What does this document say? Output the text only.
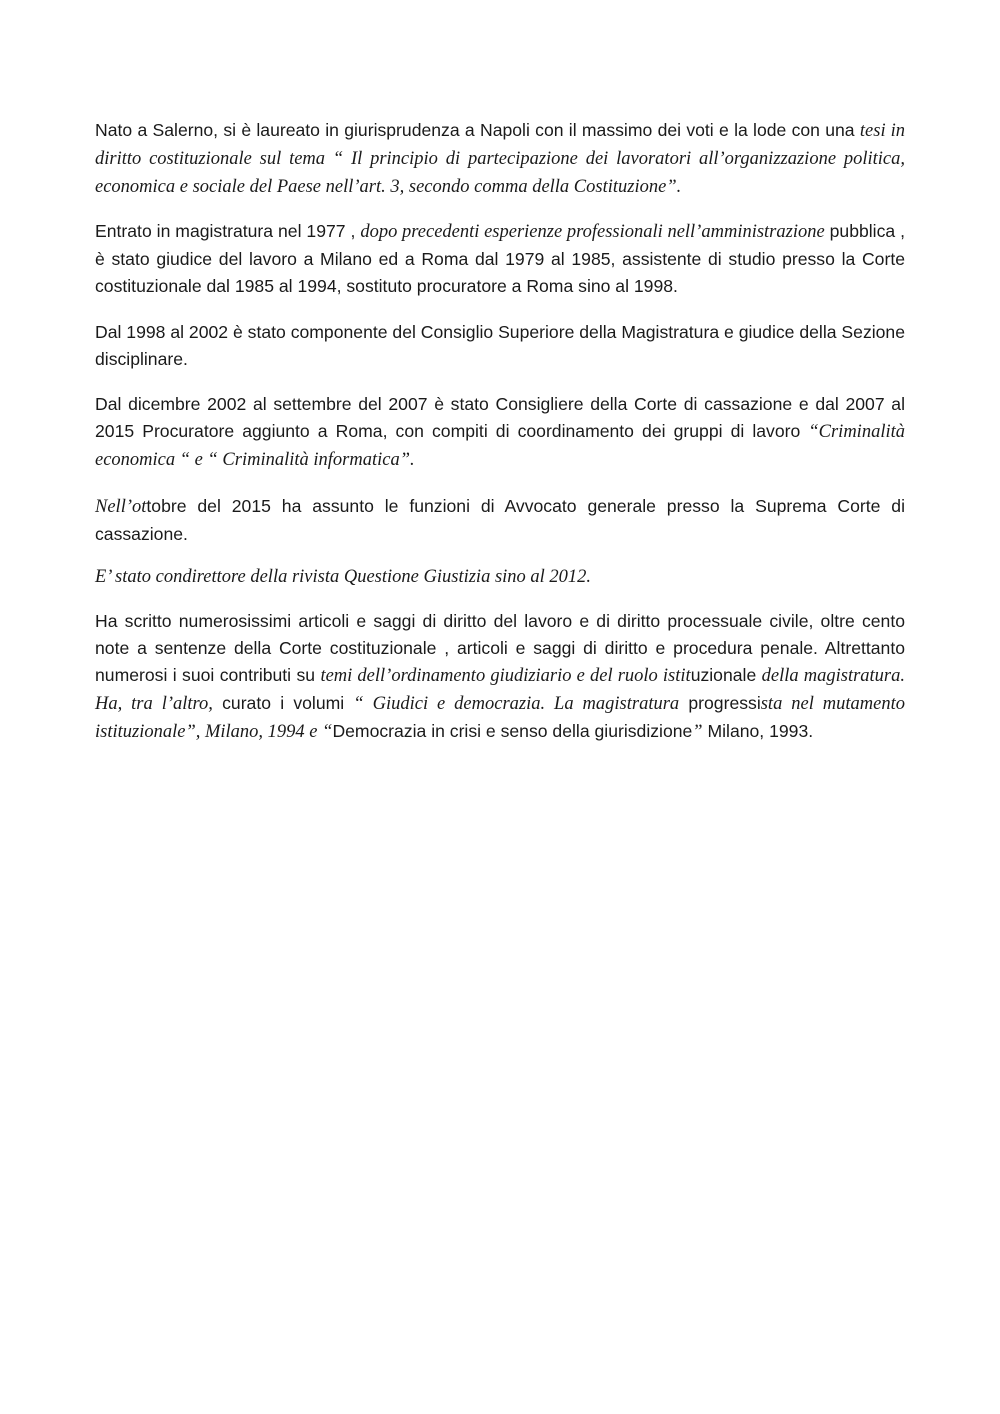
Nato a Salerno, si è laureato in giurisprudenza a Napoli con il massimo dei voti e la lode con una tesi in diritto costituzionale sul tema “ Il principio di partecipazione dei lavoratori all’organizzazione politica, economica e sociale del Paese nell’art. 3, secondo comma della Costituzione”.

Entrato in magistratura nel 1977 , dopo precedenti esperienze professionali nell’amministrazione pubblica , è stato giudice del lavoro a Milano ed a Roma dal 1979 al 1985, assistente di studio presso la Corte costituzionale dal 1985 al 1994, sostituto procuratore a Roma sino al 1998.

Dal 1998 al 2002 è stato componente del Consiglio Superiore della Magistratura e giudice della Sezione disciplinare.

Dal dicembre 2002 al settembre del 2007 è stato Consigliere della Corte di cassazione e dal 2007 al 2015 Procuratore aggiunto a Roma, con compiti di coordinamento dei gruppi di lavoro “Criminalità economica “ e “ Criminalità informatica”.

Nell’ottobre del 2015 ha assunto le funzioni di Avvocato generale presso la Suprema Corte di cassazione.

E’ stato condirettore della rivista Questione Giustizia sino al 2012.

Ha scritto numerosissimi articoli e saggi di diritto del lavoro e di diritto processuale civile, oltre cento note a sentenze della Corte costituzionale , articoli e saggi di diritto e procedura penale. Altrettanto numerosi i suoi contributi su temi dell’ordinamento giudiziario e del ruolo istituzionale della magistratura. Ha, tra l’altro, curato i volumi “ Giudici e democrazia. La magistratura progressista nel mutamento istituzionale”, Milano, 1994 e “Democrazia in crisi e senso della giurisdizione” Milano, 1993.
